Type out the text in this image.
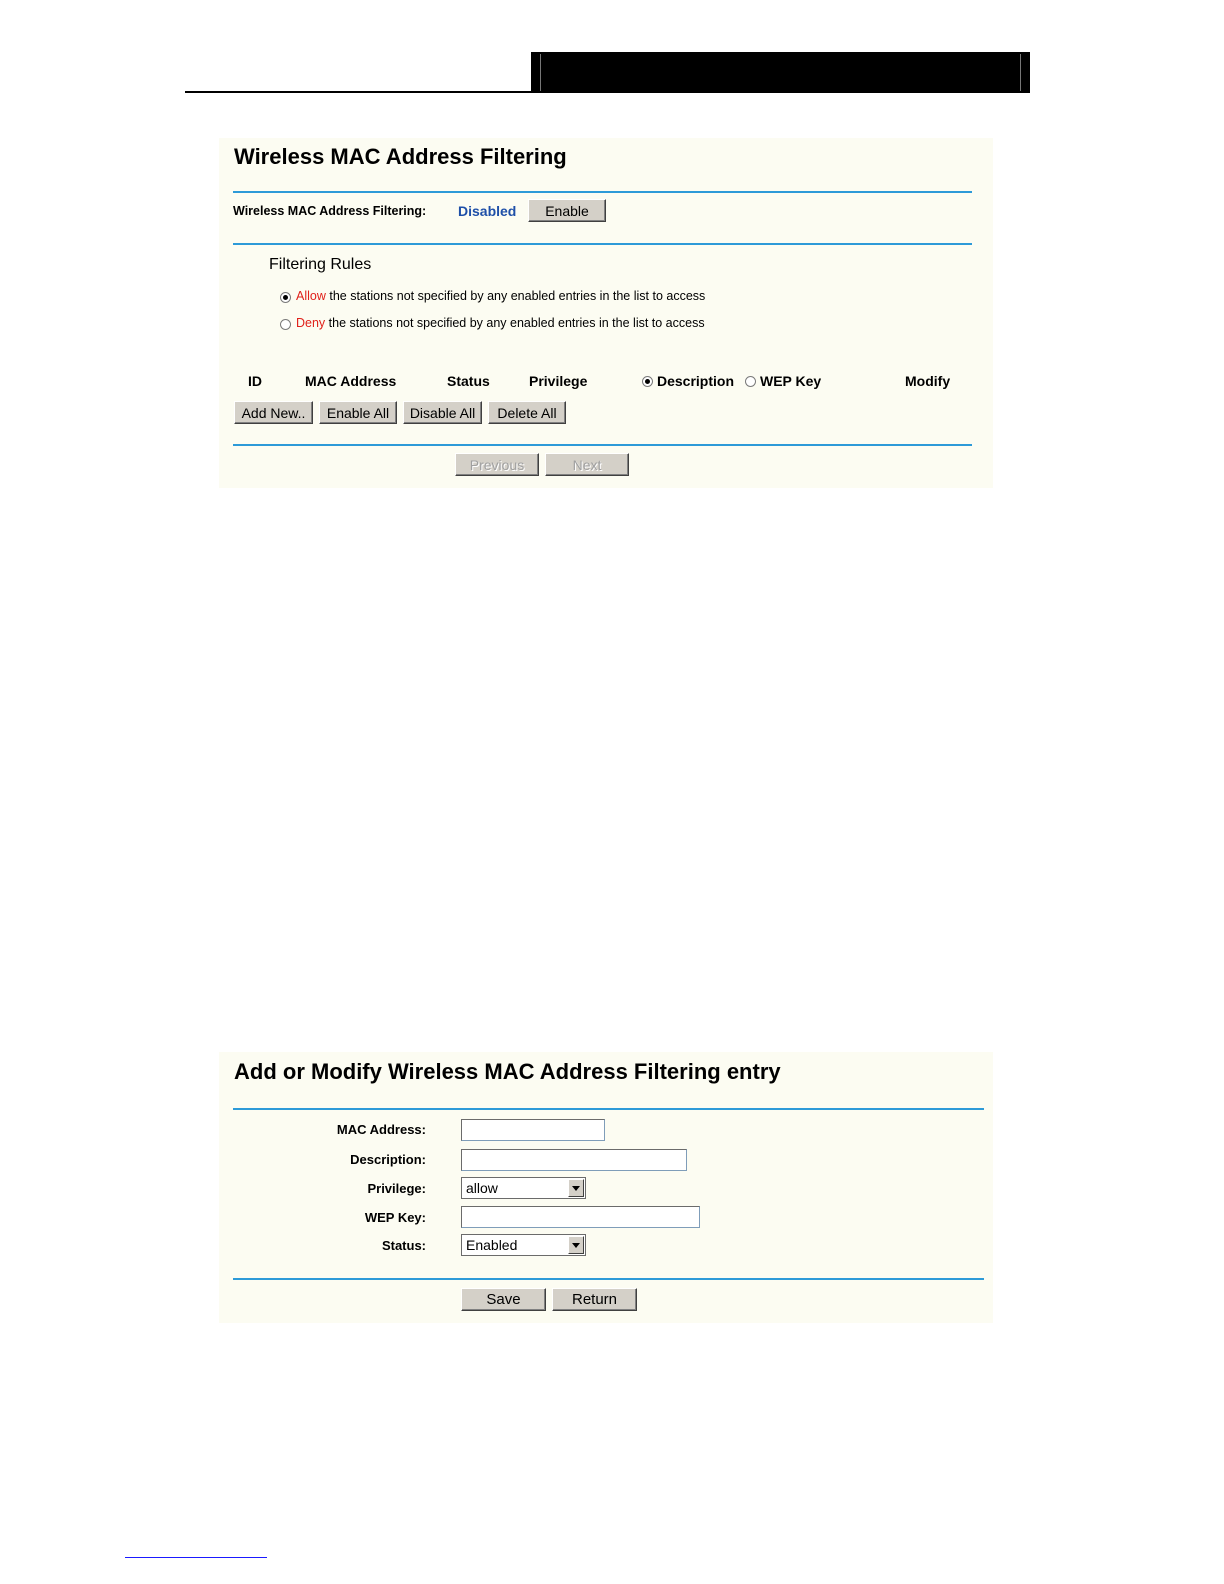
Wireless MAC Address Filtering
Wireless MAC Address Filtering: Disabled	Enable
Filtering Rules
Allow the stations not specified by any enabled entries in the list to access
Deny the stations not specified by any enabled entries in the list to access
ID	MAC Address	Status	Privilege	Description WEP Key	Modify
Add New..	Enable All	Disable All	Delete All
Previous	Next
Add or Modify Wireless MAC Address Filtering entry
MAC Address:
Description:
Privilege:	allow
WEP Key:
Status:	Enabled
Save	Return
